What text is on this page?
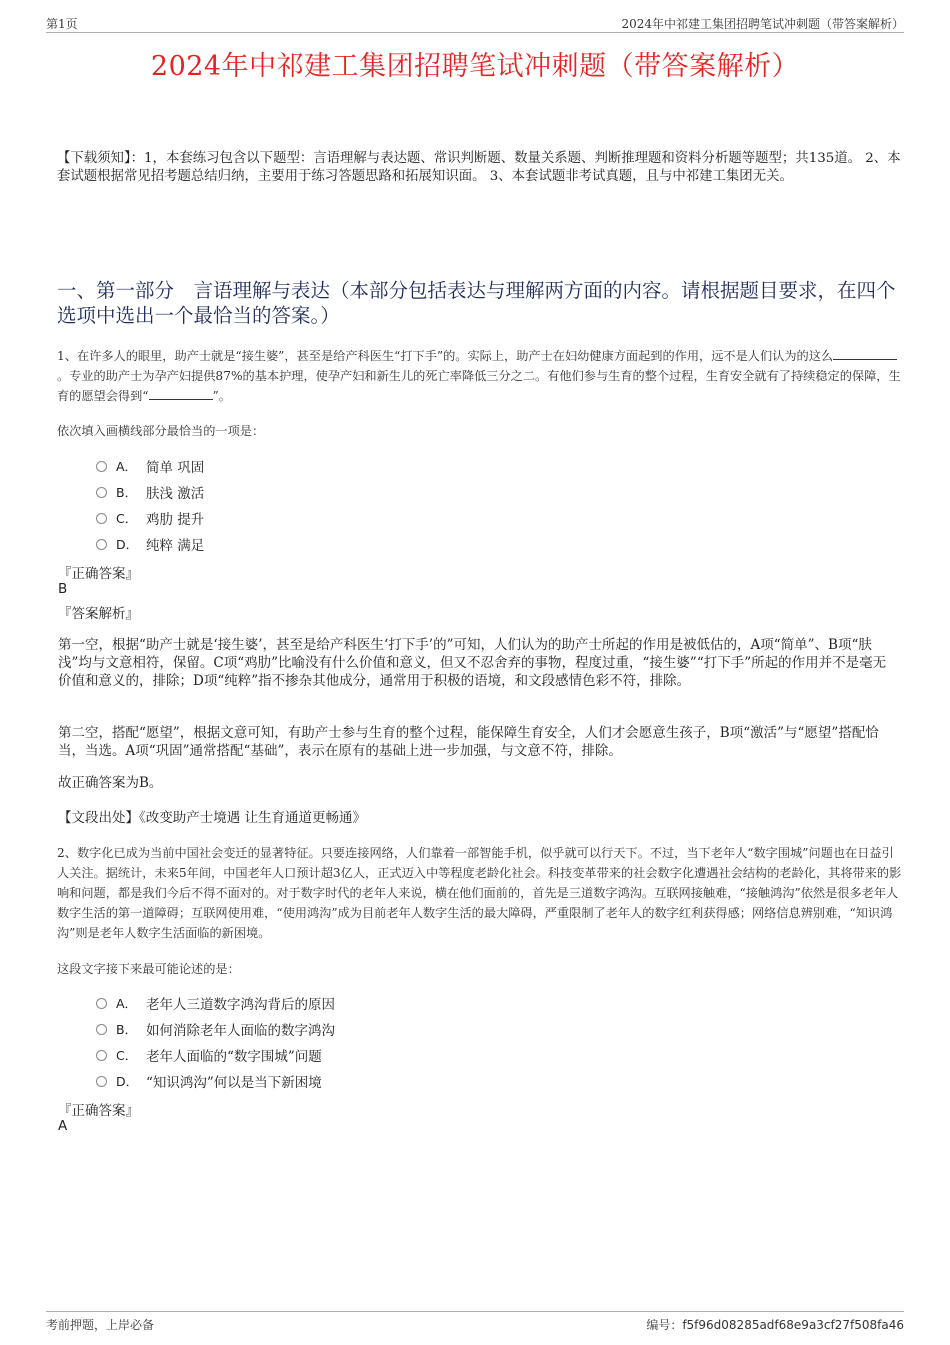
第1页	2024年中祁建工集团招聘笔试冲刺题（带答案解析）
2024年中祁建工集团招聘笔试冲刺题（带答案解析）
【下载须知】：1，本套练习包含以下题型：言语理解与表达题、常识判断题、数量关系题、判断推理题和资料分析题等题型；共135道。 2、本套试题根据常见招考题总结归纳，主要用于练习答题思路和拓展知识面。 3、本套试题非考试真题，且与中祁建工集团无关。
一、第一部分　言语理解与表达（本部分包括表达与理解两方面的内容。请根据题目要求，在四个选项中选出一个最恰当的答案。）
1、在许多人的眼里，助产士就是“接生婆”，甚至是给产科医生“打下手”的。实际上，助产士在妇幼健康方面起到的作用，远不是人们认为的这么。专业的助产士为孕产妇提供87%的基本护理，使孕产妇和新生儿的死亡率降低三分之二。有他们参与生育的整个过程，生育安全就有了持续稳定的保障，生育的愿望会得到“	”。
依次填入画横线部分最恰当的一项是：
A． 简单 巩固
B． 肤浅 激活
C． 鸡肋 提升
D． 纯粹 满足
『正确答案』
B
『答案解析』
第一空，根据“助产士就是‘接生婆’，甚至是给产科医生‘打下手’的”可知，人们认为的助产士所起的作用是被低估的，A项“简单”、B项“肤浅”均与文意相符，保留。C项“鸡肋”比喻没有什么价值和意义，但又不忍舍弃的事物，程度过重，“接生婆”“打下手”所起的作用并不是毫无价值和意义的，排除；D项“纯粹”指不掺杂其他成分，通常用于积极的语境，和文段感情色彩不符，排除。
第二空，搭配“愿望”，根据文意可知，有助产士参与生育的整个过程，能保障生育安全，人们才会愿意生孩子，B项“激活”与“愿望”搭配恰当，当选。A项“巩固”通常搭配“基础”，表示在原有的基础上进一步加强，与文意不符，排除。
故正确答案为B。
【文段出处】《改变助产士境遇 让生育通道更畅通》
2、数字化已成为当前中国社会变迁的显著特征。只要连接网络，人们靠着一部智能手机，似乎就可以行天下。不过，当下老年人“数字围城”问题也在日益引人关注。据统计，未来5年间，中国老年人口预计超3亿人，正式迈入中等程度老龄化社会。科技变革带来的社会数字化遭遇社会结构的老龄化，其将带来的影响和问题，都是我们今后不得不面对的。对于数字时代的老年人来说，横在他们面前的，首先是三道数字鸿沟。互联网接触难，“接触鸿沟”依然是很多老年人数字生活的第一道障碍；互联网使用难，“使用鸿沟”成为目前老年人数字生活的最大障碍，严重限制了老年人的数字红利获得感；网络信息辨别难，“知识鸿沟”则是老年人数字生活面临的新困境。
这段文字接下来最可能论述的是：
A． 老年人三道数字鸿沟背后的原因
B． 如何消除老年人面临的数字鸿沟
C． 老年人面临的“数字围城”问题
D． “知识鸿沟”何以是当下新困境
『正确答案』
A
考前押题，上岸必备	编号：f5f96d08285adf68e9a3cf27f508fa46
